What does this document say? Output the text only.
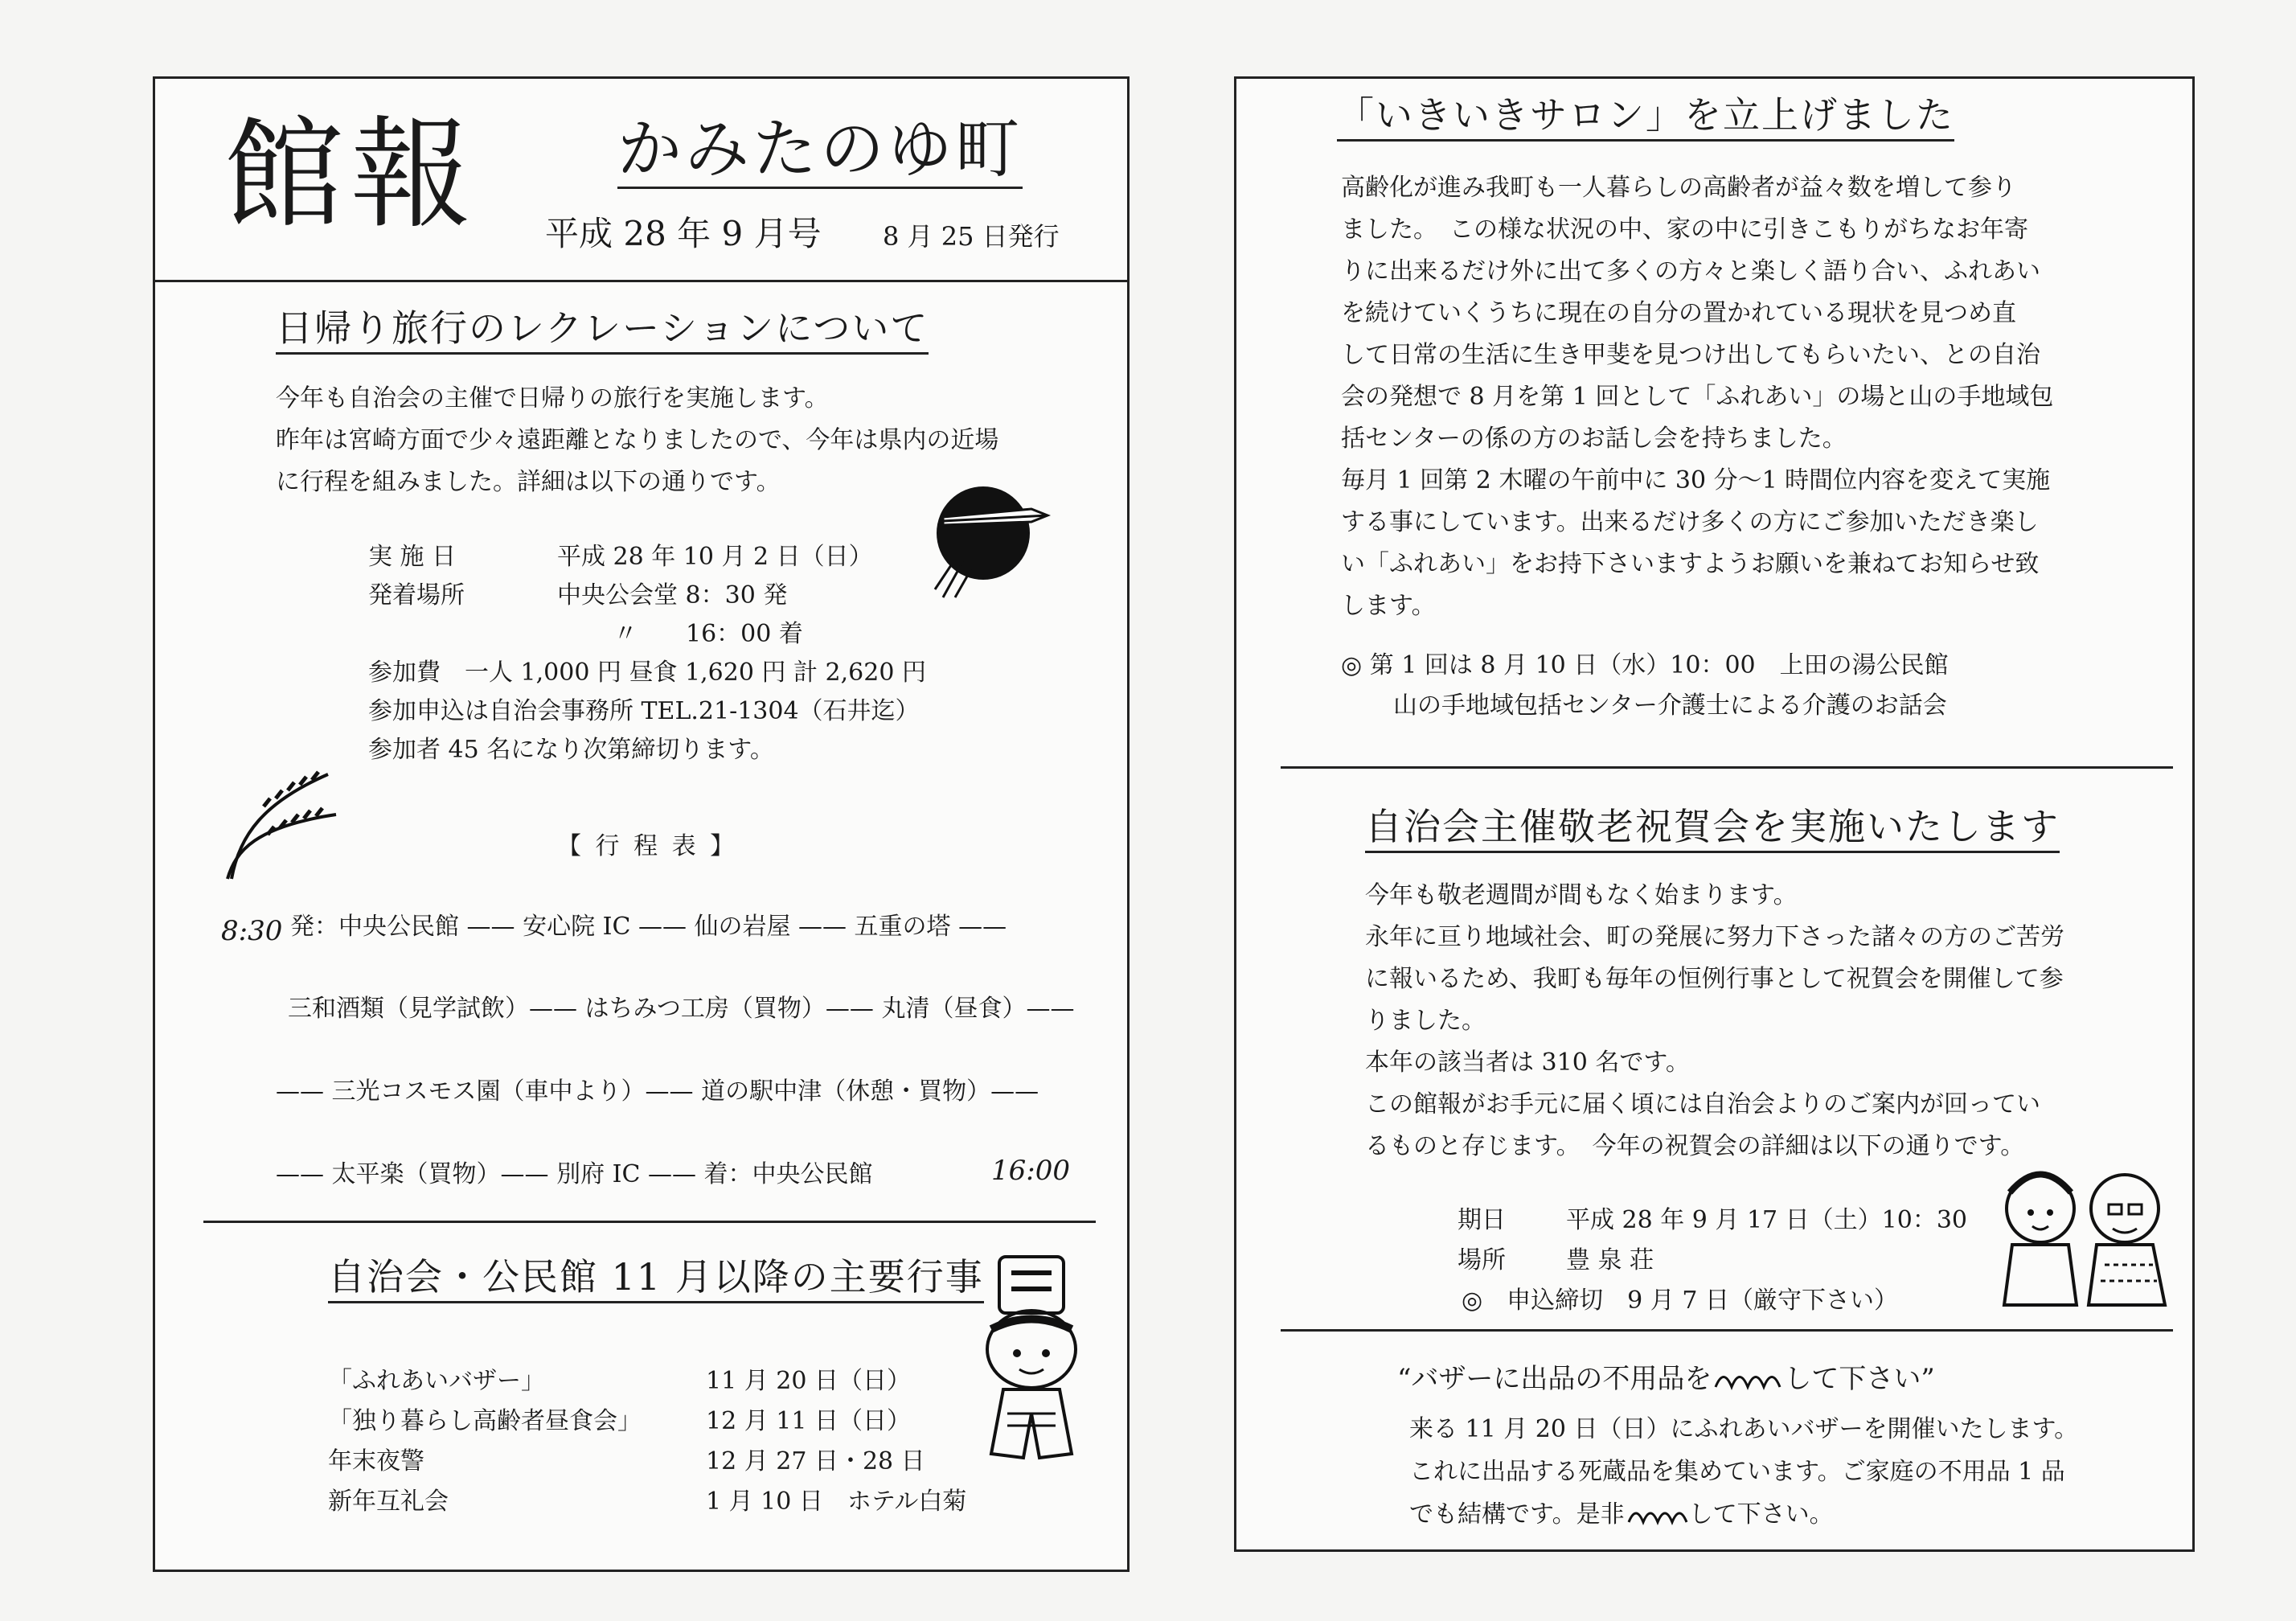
館報 かみたのゆ町
平成 28 年 9 月号 8 月 25 日発行
日帰り旅行のレクレーションについて

今年も自治会の主催で日帰りの旅行を実施します。

昨年は宮崎方面で少々遠距離となりましたので、今年は県内の近場

に行程を組みました。詳細は以下の通りです。

実 施 日	平成 28 年 10 月 2 日（日）
発着場所	中央公会堂 8：30 発
〃　　16：00 着
参加費　一人 1,000 円 昼食 1,620 円 計 2,620 円
参加申込は自治会事務所 TEL.21-1304（石井迄）
参加者 45 名になり次第締切ります。
【 行 程 表 】
8:30 発：中央公民館 —— 安心院 IC —— 仙の岩屋 —— 五重の塔 ——
三和酒類（見学試飲）—— はちみつ工房（買物）—— 丸清（昼食）——
—— 三光コスモス園（車中より）—— 道の駅中津（休憩・買物）——
—— 太平楽（買物）—— 別府 IC —— 着：中央公民館	16:00
自治会・公民館 11 月以降の主要行事
「ふれあいバザー」	11 月 20 日（日）
「独り暮らし高齢者昼食会」	12 月 11 日（日）
年末夜警	12 月 27 日・28 日
新年互礼会	1 月 10 日　ホテル白菊
「いきいきサロン」を立上げました

高齢化が進み我町も一人暮らしの高齢者が益々数を増して参り

ました。　この様な状況の中、家の中に引きこもりがちなお年寄

りに出来るだけ外に出て多くの方々と楽しく語り合い、ふれあい

を続けていくうちに現在の自分の置かれている現状を見つめ直

して日常の生活に生き甲斐を見つけ出してもらいたい、との自治

会の発想で 8 月を第 1 回として「ふれあい」の場と山の手地域包

括センターの係の方のお話し会を持ちました。

毎月 1 回第 2 木曜の午前中に 30 分～1 時間位内容を変えて実施

する事にしています。出来るだけ多くの方にご参加いただき楽し

い「ふれあい」をお持下さいますようお願いを兼ねてお知らせ致

します。

◎ 第 1 回は 8 月 10 日（水）10：00　上田の湯公民館
山の手地域包括センター介護士による介護のお話会
自治会主催敬老祝賀会を実施いたします

今年も敬老週間が間もなく始まります。

永年に亘り地域社会、町の発展に努力下さった諸々の方のご苦労

に報いるため、我町も毎年の恒例行事として祝賀会を開催して参

りました。

本年の該当者は 310 名です。

この館報がお手元に届く頃には自治会よりのご案内が回ってい

るものと存じます。　今年の祝賀会の詳細は以下の通りです。

期日	平成 28 年 9 月 17 日（土）10：30
場所	豊 泉 荘
◎　申込締切　9 月 7 日（厳守下さい）
“バザーに出品の不用品を	して下さい”
来る 11 月 20 日（日）にふれあいバザーを開催いたします。
これに出品する死蔵品を集めています。ご家庭の不用品 1 品
でも結構です。是非	して下さい。
